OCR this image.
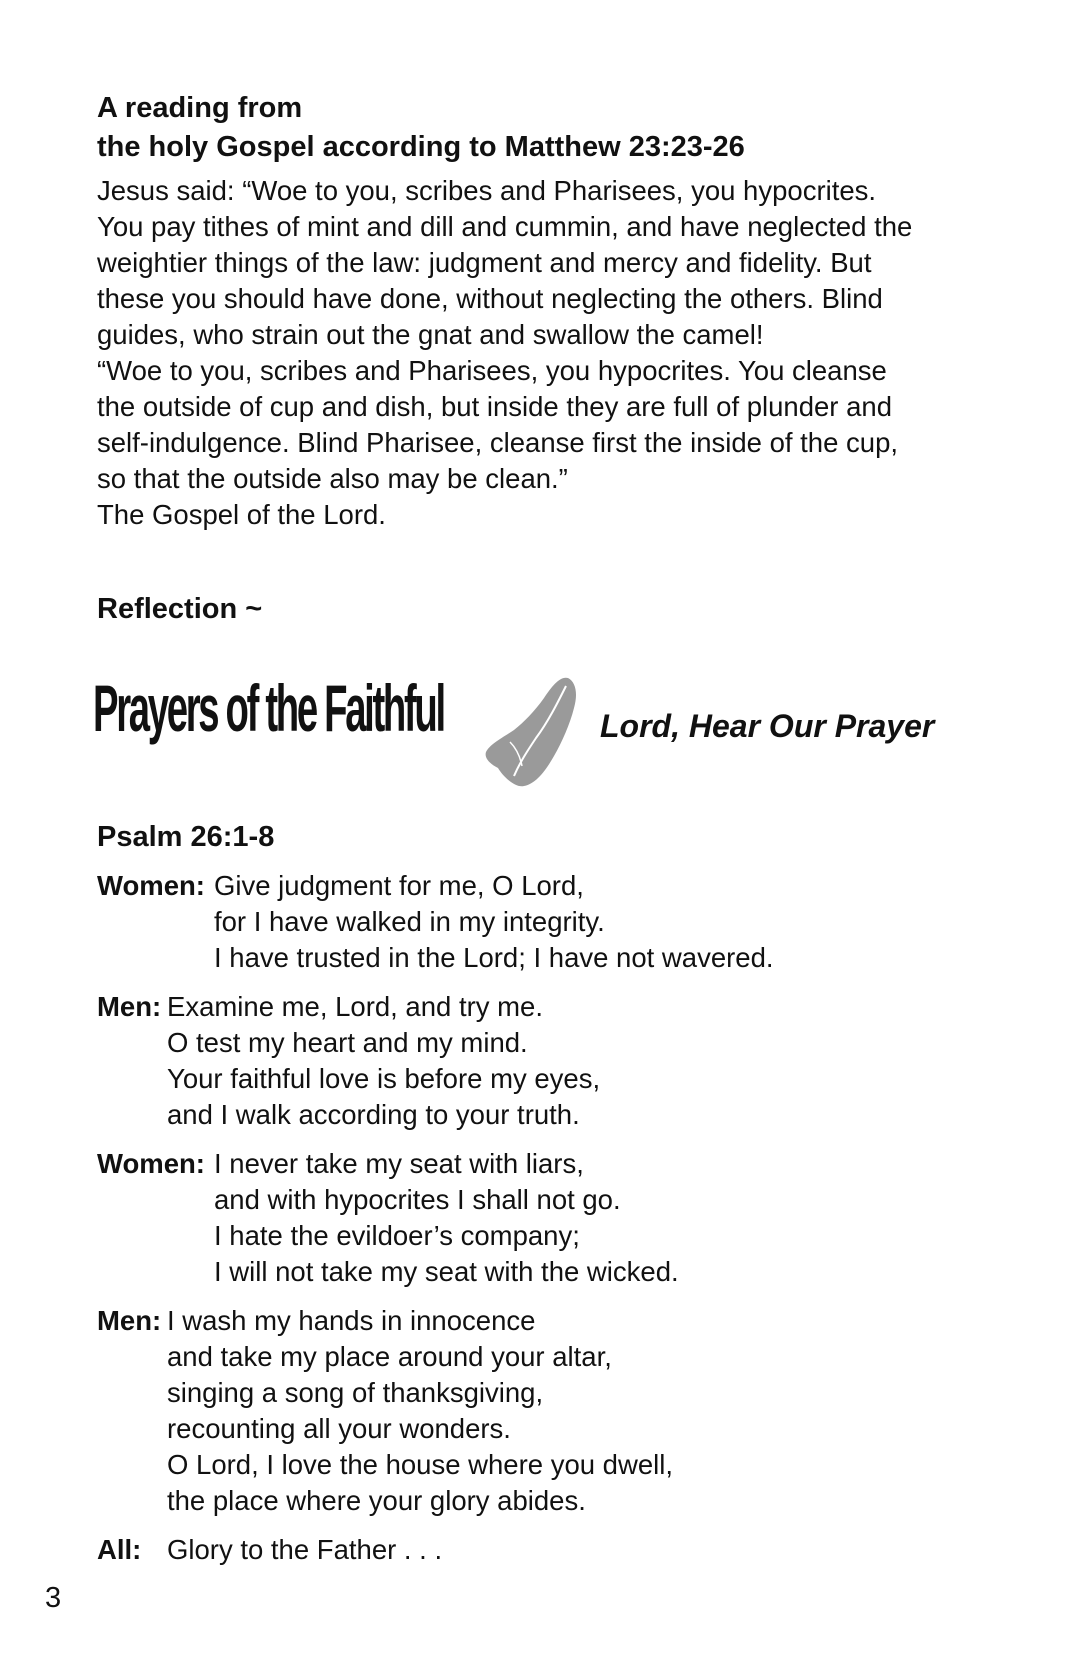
A reading from
the holy Gospel according to Matthew 23:23-26

Jesus said: “Woe to you, scribes and Pharisees, you hypocrites.

You pay tithes of mint and dill and cummin, and have neglected the

weightier things of the law: judgment and mercy and fidelity. But

these you should have done, without neglecting the others. Blind

guides, who strain out the gnat and swallow the camel!

“Woe to you, scribes and Pharisees, you hypocrites. You cleanse

the outside of cup and dish, but inside they are full of plunder and

self-indulgence. Blind Pharisee, cleanse first the inside of the cup,

so that the outside also may be clean.”

The Gospel of the Lord.

Reflection ~
Prayers of the Faithful	Lord, Hear Our Prayer
Psalm 26:1-8
Women: Give judgment for me, O Lord,
for I have walked in my integrity.
I have trusted in the Lord; I have not wavered.
Men: Examine me, Lord, and try me.
O test my heart and my mind.
Your faithful love is before my eyes,
and I walk according to your truth.
Women: I never take my seat with liars,
and with hypocrites I shall not go.
I hate the evildoer’s company;
I will not take my seat with the wicked.
Men: I wash my hands in innocence
and take my place around your altar,
singing a song of thanksgiving,
recounting all your wonders.
O Lord, I love the house where you dwell,
the place where your glory abides.
All: Glory to the Father . . .
3
